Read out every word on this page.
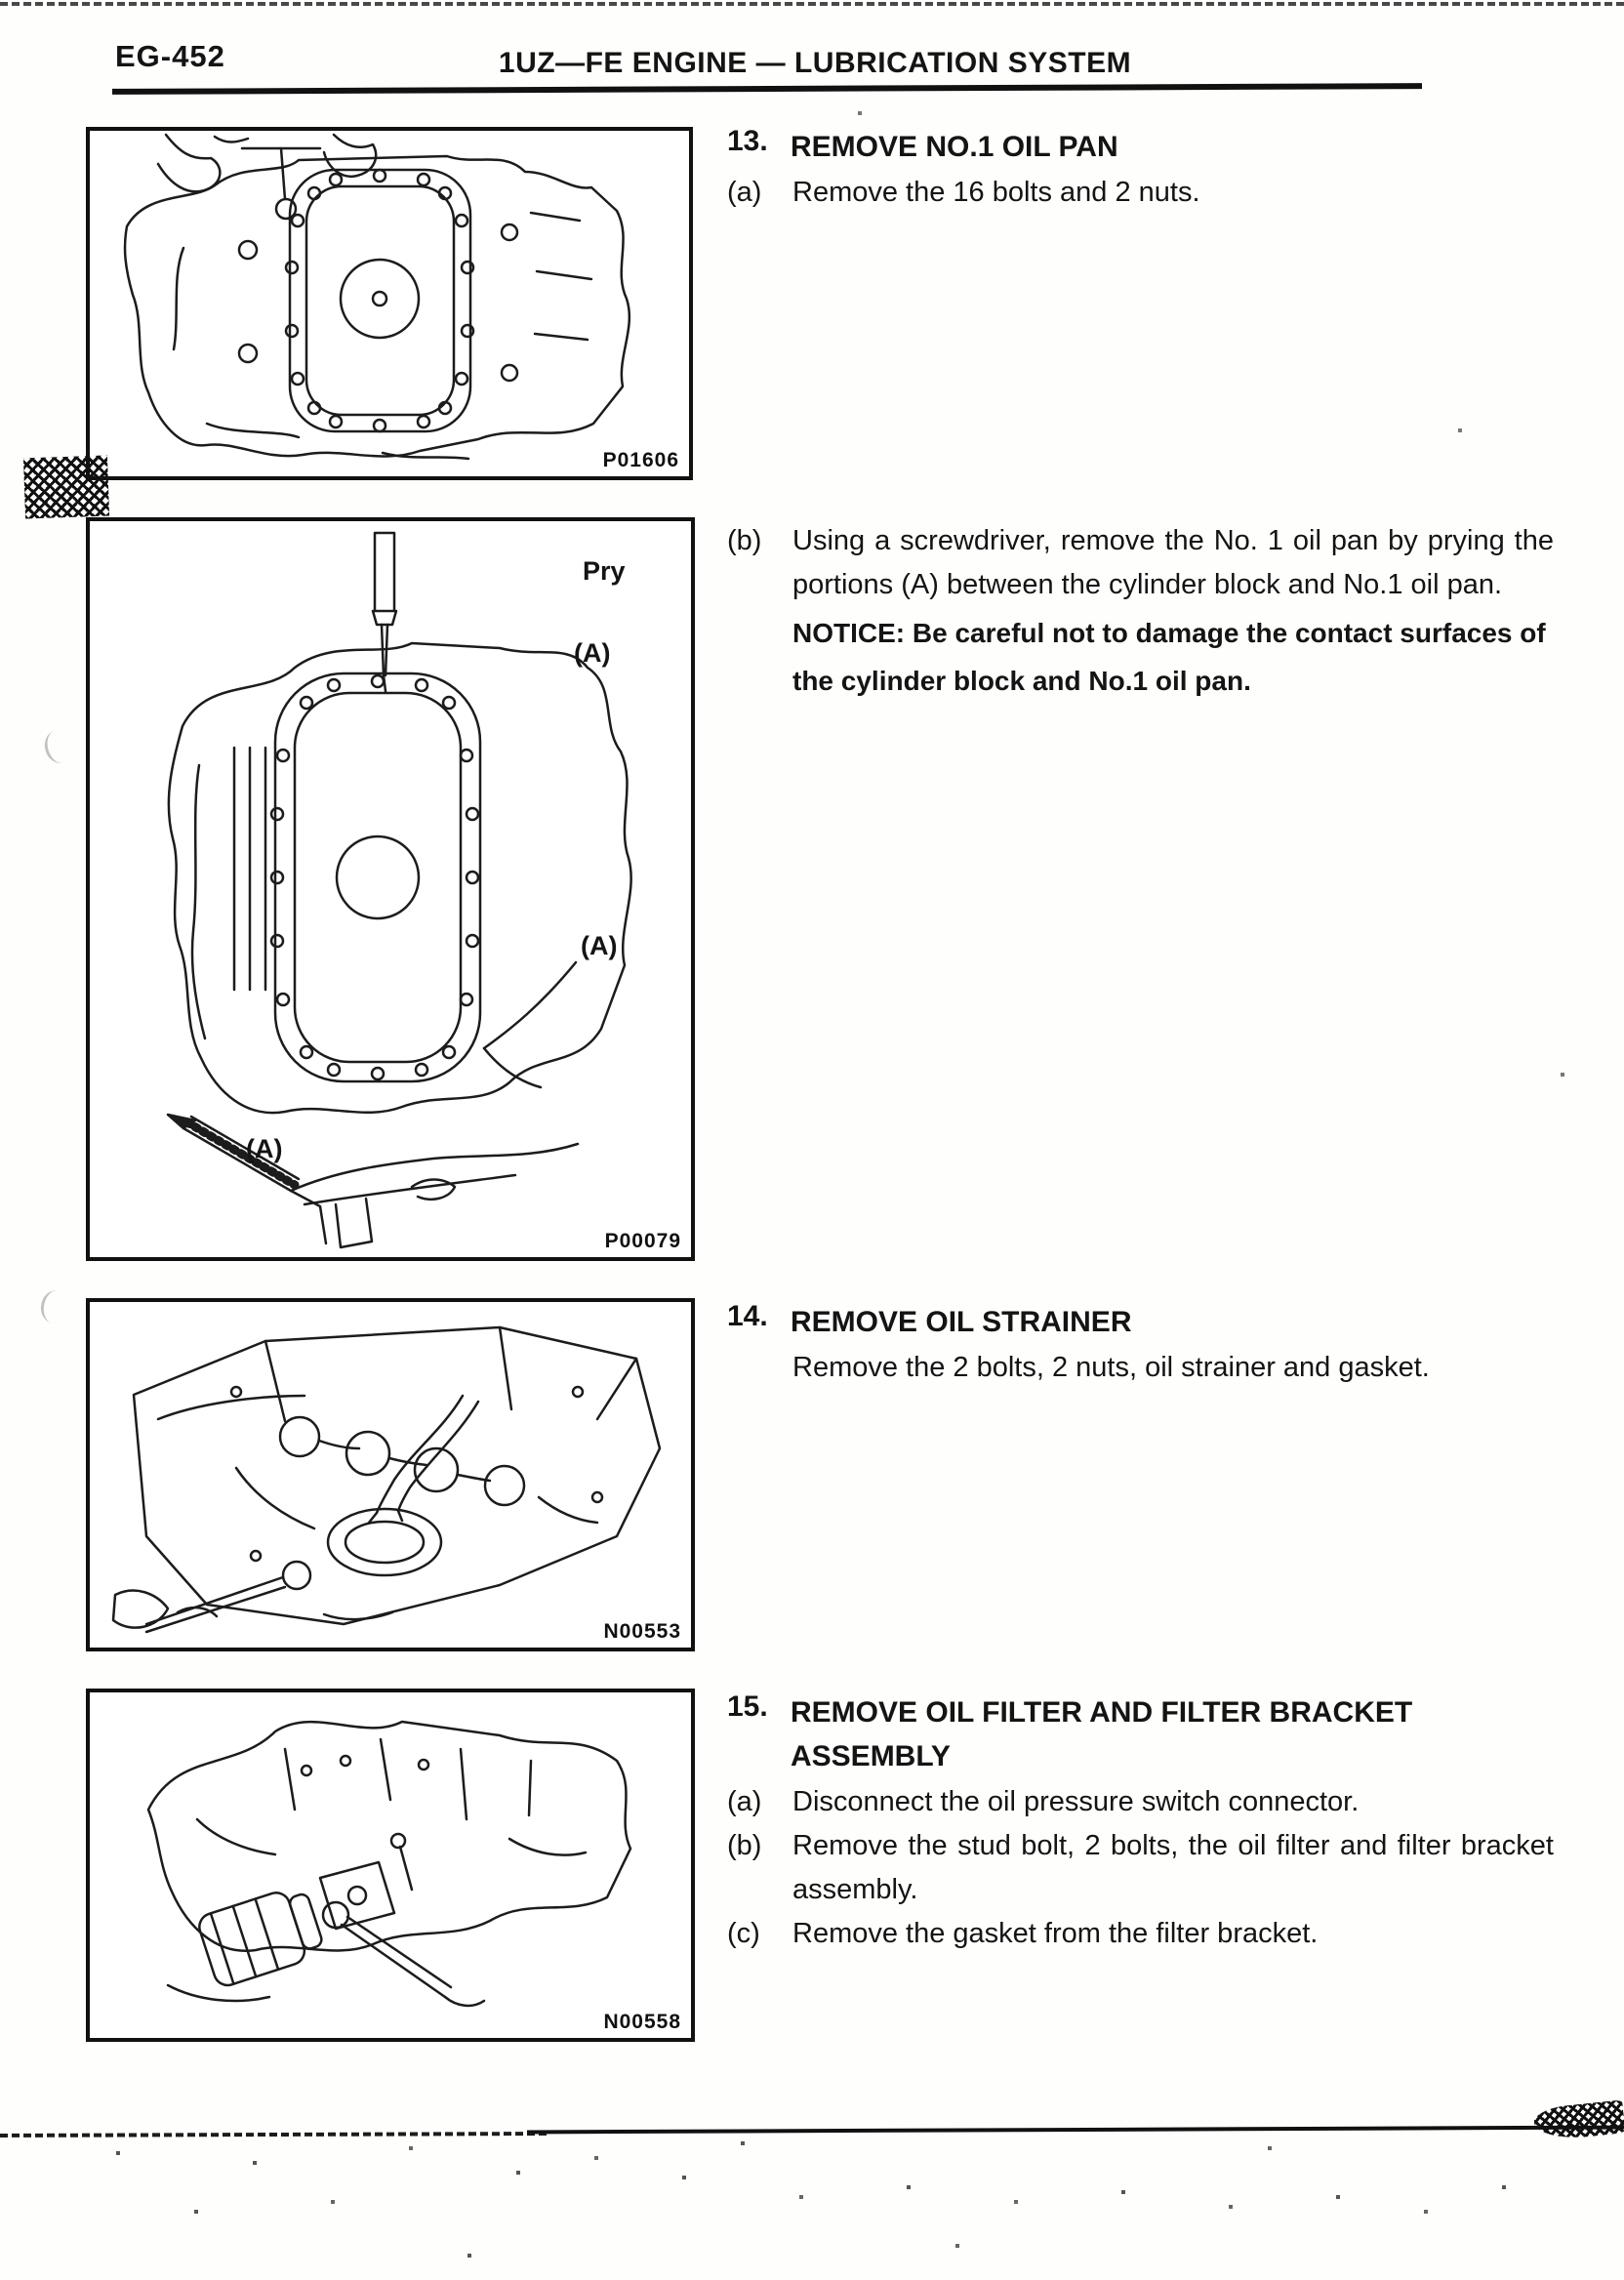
EG-452	1UZ—FE ENGINE — LUBRICATION SYSTEM
P01606
Pry
(A)
(A)
(A)
P00079
N00553
N00558
13. REMOVE NO.1 OIL PAN
(a)	Remove the 16 bolts and 2 nuts.
(b)	Using a screwdriver, remove the No. 1 oil pan by prying the portions (A) between the cylinder block and No.1 oil pan.
NOTICE: Be careful not to damage the contact surfaces of the cylinder block and No.1 oil pan.
14. REMOVE OIL STRAINER
Remove the 2 bolts, 2 nuts, oil strainer and gasket.
15. REMOVE OIL FILTER AND FILTER BRACKET ASSEMBLY
(a)	Disconnect the oil pressure switch connector.
(b)	Remove the stud bolt, 2 bolts, the oil filter and filter bracket assembly.
(c)	Remove the gasket from the filter bracket.
